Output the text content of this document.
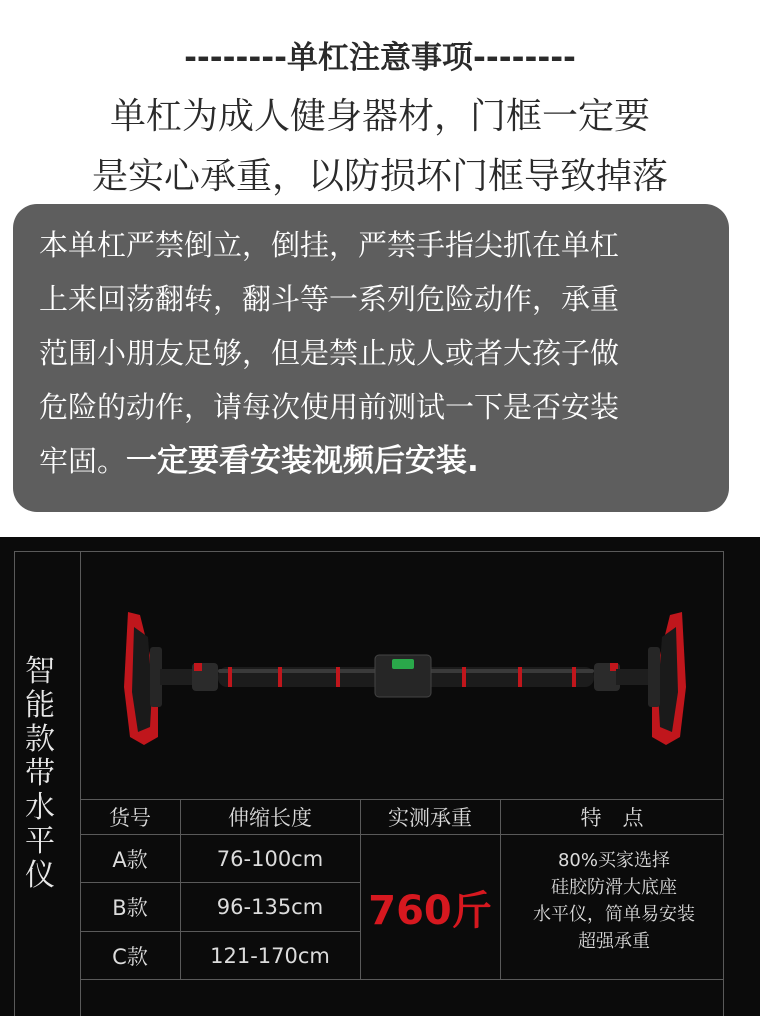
--------单杠注意事项--------
单杠为成人健身器材，门框一定要
是实心承重，以防损坏门框导致掉落
本单杠严禁倒立，倒挂，严禁手指尖抓在单杠
上来回荡翻转，翻斗等一系列危险动作，承重
范围小朋友足够，但是禁止成人或者大孩子做
危险的动作，请每次使用前测试一下是否安装
牢固。一定要看安装视频后安装.
智
能
款
带
水
平
仪
货号	伸缩长度	实测承重	特　点
A款	76-100cm
B款	96-135cm
C款	121-170cm
760斤
80%买家选择
硅胶防滑大底座
水平仪，简单易安装
超强承重
